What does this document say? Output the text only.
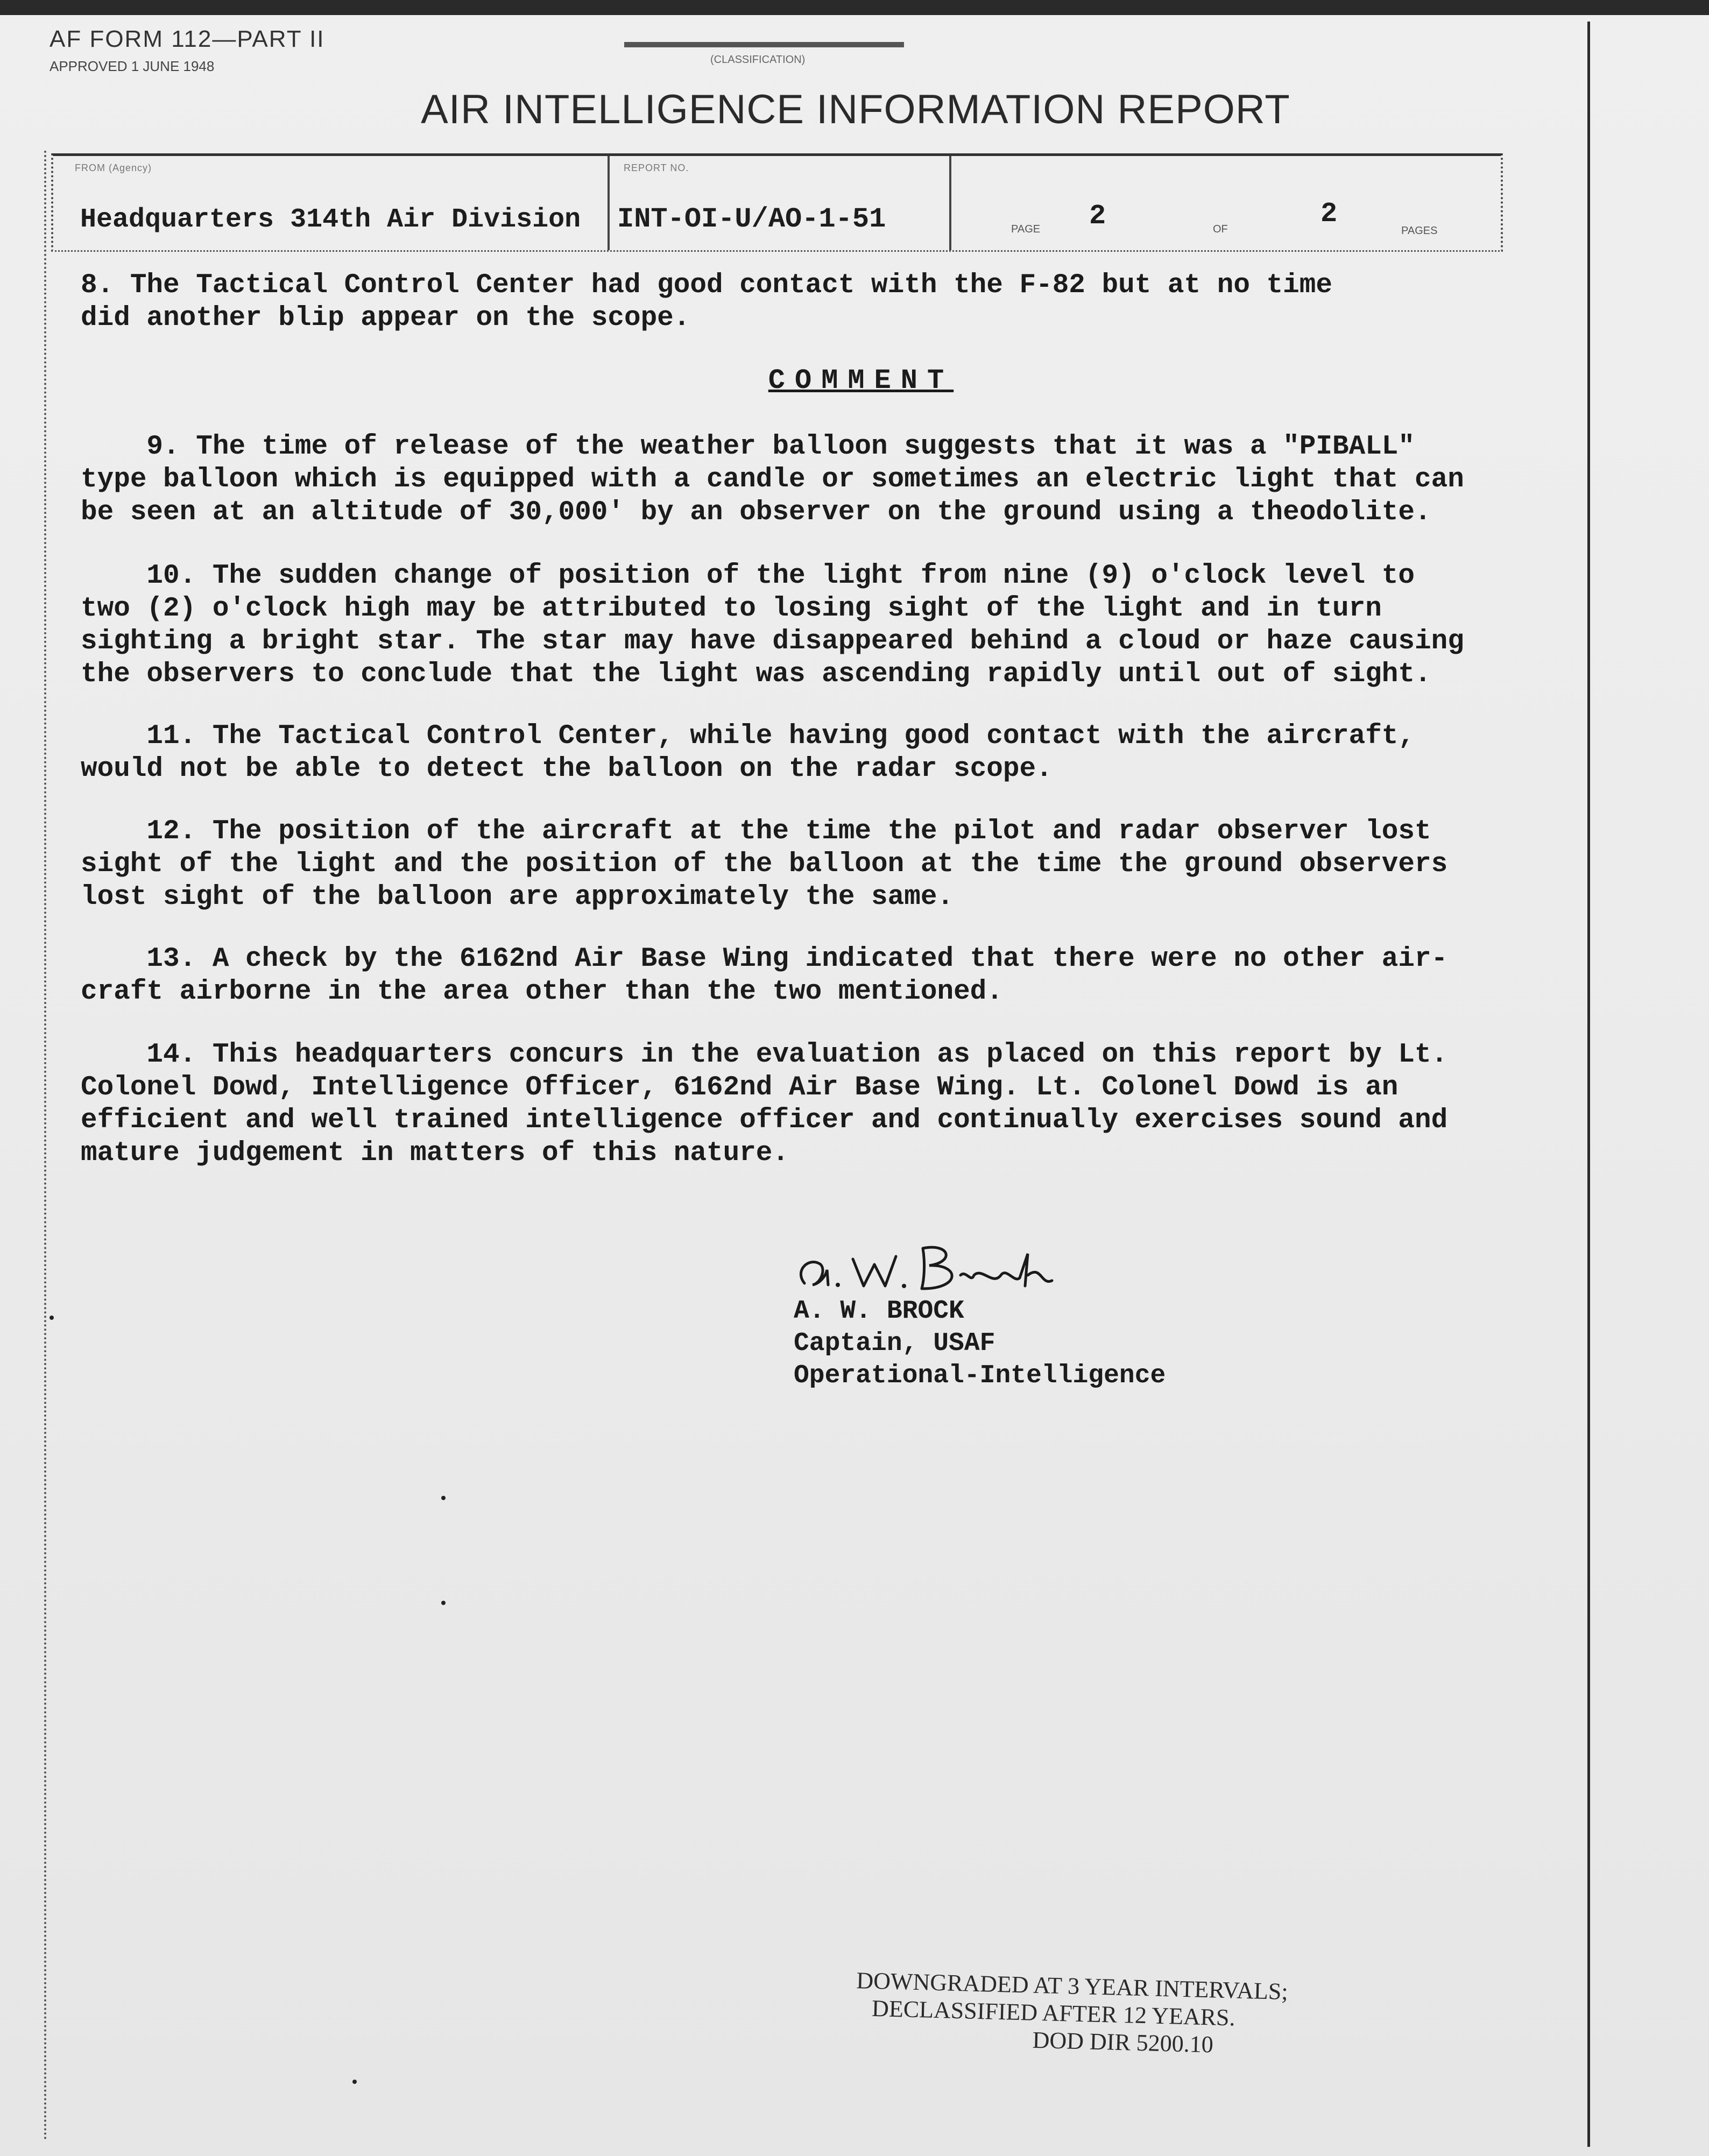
AF FORM 112—PART II
APPROVED 1 JUNE 1948	(CLASSIFICATION)
AIR INTELLIGENCE INFORMATION REPORT
FROM (Agency)
Headquarters 314th Air Division
REPORT NO.
INT-OI-U/AO-1-51	PAGE 2	OF	2
PAGES
8. The Tactical Control Center had good contact with the F-82 but at no time
did another blip appear on the scope.
COMMENT
9. The time of release of the weather balloon suggests that it was a "PIBALL"
type balloon which is equipped with a candle or sometimes an electric light that can
be seen at an altitude of 30,000' by an observer on the ground using a theodolite.
10. The sudden change of position of the light from nine (9) o'clock level to
two (2) o'clock high may be attributed to losing sight of the light and in turn
sighting a bright star. The star may have disappeared behind a cloud or haze causing
the observers to conclude that the light was ascending rapidly until out of sight.
11. The Tactical Control Center, while having good contact with the aircraft,
would not be able to detect the balloon on the radar scope.
12. The position of the aircraft at the time the pilot and radar observer lost
sight of the light and the position of the balloon at the time the ground observers
lost sight of the balloon are approximately the same.
13. A check by the 6162nd Air Base Wing indicated that there were no other air-
craft airborne in the area other than the two mentioned.
14. This headquarters concurs in the evaluation as placed on this report by Lt.
Colonel Dowd, Intelligence Officer, 6162nd Air Base Wing. Lt. Colonel Dowd is an
efficient and well trained intelligence officer and continually exercises sound and
mature judgement in matters of this nature.
A. W. BROCK
Captain, USAF
Operational-Intelligence
DOWNGRADED AT 3 YEAR INTERVALS;
DECLASSIFIED AFTER 12 YEARS.
DOD DIR 5200.10
